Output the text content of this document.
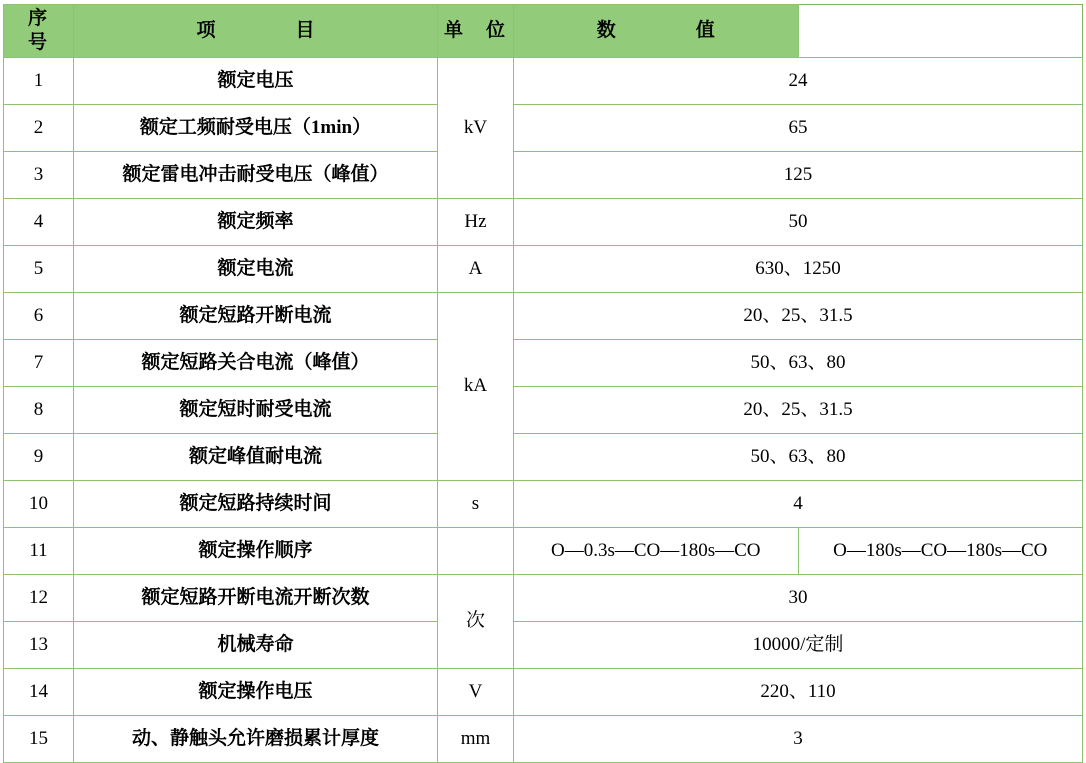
序　号	项　　目	单　位	数　　值	
1	额定电压	kV	24	
2	额定工频耐受电压（1min）		65	
3	额定雷电冲击耐受电压（峰值）		125	
4	额定频率	Hz	50	
5	额定电流	A	630、1250	
6	额定短路开断电流	kA	20、25、31.5	
7	额定短路关合电流（峰值）		50、63、80	
8	额定短时耐受电流		20、25、31.5	
9	额定峰值耐电流		50、63、80	
10	额定短路持续时间	s	4	
11	额定操作顺序		O—0.3s—CO—180s—CO	O—180s—CO—180s—CO
12	额定短路开断电流开断次数	次	30	
13	机械寿命		10000/定制	
14	额定操作电压	V	220、110	
15	动、静触头允许磨损累计厚度	mm	3	
